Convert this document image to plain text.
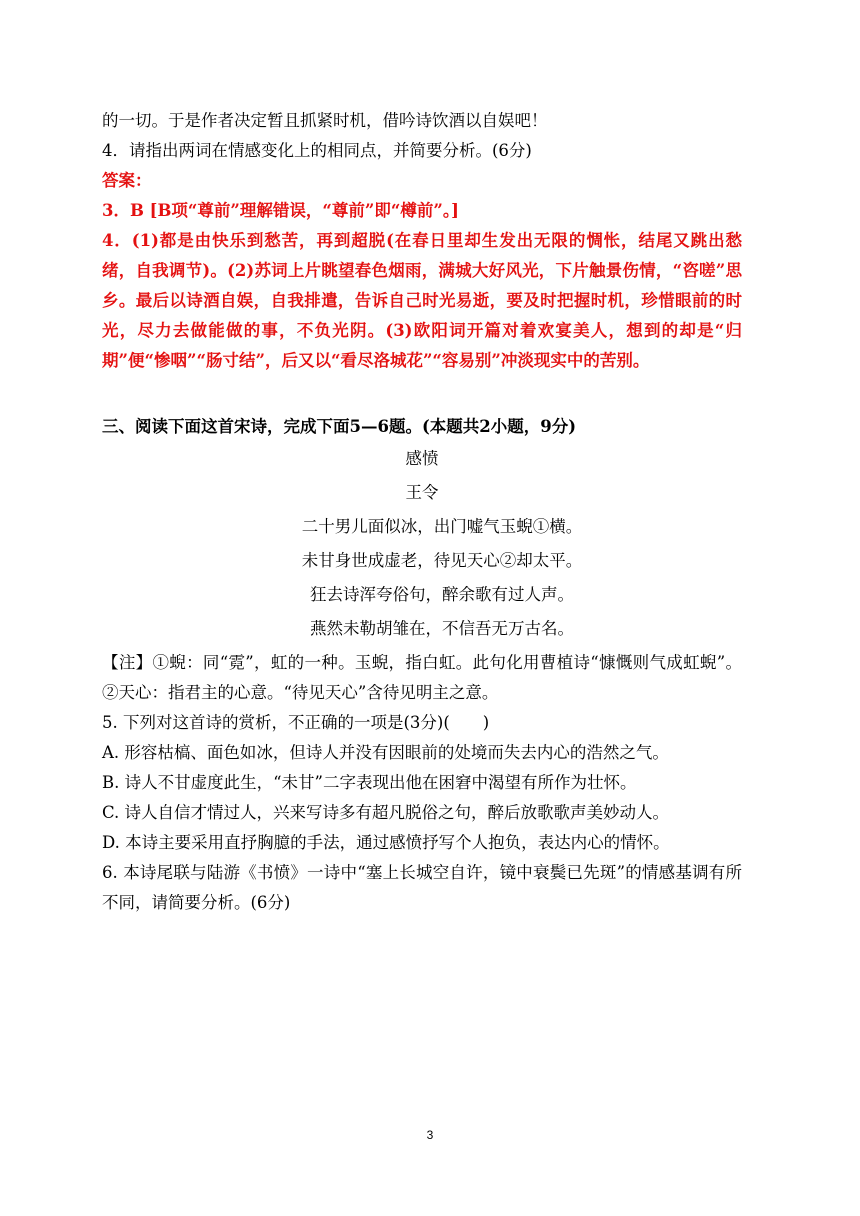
的一切。于是作者决定暂且抓紧时机，借吟诗饮酒以自娱吧！
4．请指出两词在情感变化上的相同点，并简要分析。(6分)
答案：
3．B [B项“尊前”理解错误，“尊前”即“樽前”。]
4．(1)都是由快乐到愁苦，再到超脱(在春日里却生发出无限的惆怅，结尾又跳出愁绪，自我调节)。(2)苏词上片眺望春色烟雨，满城大好风光，下片触景伤情，“咨嗟”思乡。最后以诗酒自娱，自我排遣，告诉自己时光易逝，要及时把握时机，珍惜眼前的时光，尽力去做能做的事，不负光阴。(3)欧阳词开篇对着欢宴美人，想到的却是“归期”便“惨咽”“肠寸结”，后又以“看尽洛城花”“容易别”冲淡现实中的苦别。
三、阅读下面这首宋诗，完成下面5—6题。(本题共2小题，9分)
感愤
王令
二十男儿面似冰，出门嘘气玉蜺①横。
未甘身世成虚老，待见天心②却太平。
狂去诗浑夸俗句，醉余歌有过人声。
燕然未勒胡雏在，不信吾无万古名。
【注】①蜺：同“霓”，虹的一种。玉蜺，指白虹。此句化用曹植诗“慷慨则气成虹蜺”。②天心：指君主的心意。“待见天心”含待见明主之意。
5. 下列对这首诗的赏析，不正确的一项是(3分)(　　)
A. 形容枯槁、面色如冰，但诗人并没有因眼前的处境而失去内心的浩然之气。
B. 诗人不甘虚度此生，“未甘”二字表现出他在困窘中渴望有所作为壮怀。
C. 诗人自信才情过人，兴来写诗多有超凡脱俗之句，醉后放歌歌声美妙动人。
D. 本诗主要采用直抒胸臆的手法，通过感愤抒写个人抱负，表达内心的情怀。
6. 本诗尾联与陆游《书愤》一诗中“塞上长城空自许，镜中衰鬓已先斑”的情感基调有所不同，请简要分析。(6分)
3
